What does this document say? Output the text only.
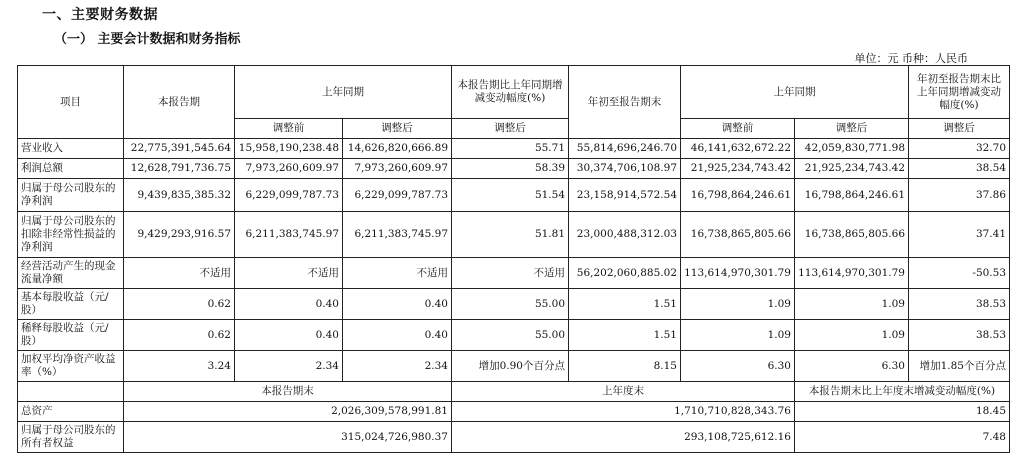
一、主要财务数据
（一） 主要会计数据和财务指标
单位：元 币种：人民币
项目	本报告期	上年同期		本报告期比上年同期增减变动幅度(%)	年初至报告期末	上年同期		年初至报告期末比上年同期增减变动幅度(%)
		调整前	调整后	调整后		调整前	调整后	调整后
营业收入	22,775,391,545.64	15,958,190,238.48	14,626,820,666.89	55.71	55,814,696,246.70	46,141,632,672.22	42,059,830,771.98	32.70
利润总额	12,628,791,736.75	7,973,260,609.97	7,973,260,609.97	58.39	30,374,706,108.97	21,925,234,743.42	21,925,234,743.42	38.54
归属于母公司股东的净利润	9,439,835,385.32	6,229,099,787.73	6,229,099,787.73	51.54	23,158,914,572.54	16,798,864,246.61	16,798,864,246.61	37.86
归属于母公司股东的扣除非经常性损益的净利润	9,429,293,916.57	6,211,383,745.97	6,211,383,745.97	51.81	23,000,488,312.03	16,738,865,805.66	16,738,865,805.66	37.41
经营活动产生的现金流量净额	不适用	不适用	不适用	不适用	56,202,060,885.02	113,614,970,301.79	113,614,970,301.79	-50.53
基本每股收益（元/股）	0.62	0.40	0.40	55.00	1.51	1.09	1.09	38.53
稀释每股收益（元/股）	0.62	0.40	0.40	55.00	1.51	1.09	1.09	38.53
加权平均净资产收益率（%）	3.24	2.34	2.34	增加0.90个百分点	8.15	6.30	6.30	增加1.85个百分点
	本报告期末			上年度末			本报告期末比上年度末增减变动幅度(%)	
总资产	2,026,309,578,991.81			1,710,710,828,343.76			18.45	
归属于母公司股东的所有者权益	315,024,726,980.37			293,108,725,612.16			7.48	
